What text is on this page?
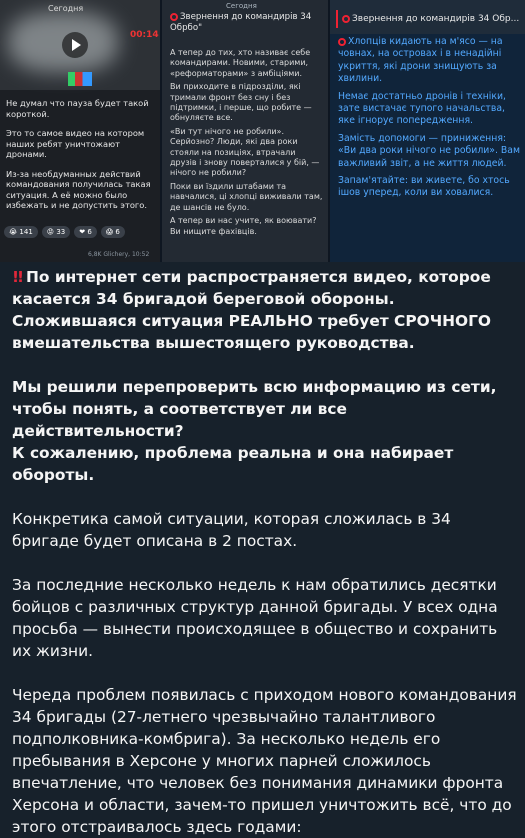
Сегодня
00:14

Не думал что пауза будет такой короткой.

Это то самое видео на котором наших ребят уничтожают дронами.

Из-за необдуманных действий командования получилась такая ситуация. А её можно было избежать и не допустить этого.

😭 141	😡 33	❤ 6	😱 6
6,8K Glichery, 10:52
Сегодня
Звернення до командирів 34 Обрбо"

А тепер до тих, хто називає себе командирами. Новими, старими, «реформаторами» з амбіціями.

Ви приходите в підрозділи, які тримали фронт без сну і без підтримки, і перше, що робите — обнуляєте все.

«Ви тут нічого не робили». Серйозно? Люди, які два роки стояли на позиціях, втрачали друзів і знову поверталися у бій, — нічого не робили?

Поки ви їздили штабами та навчалися, ці хлопці виживали там, де шансів не було.

А тепер ви нас учите, як воювати? Ви нищите фахівців.

Звернення до командирів 34 Обр...

Хлопців кидають на м'ясо — на човнах, на островах і в ненадійні укриття, які дрони знищують за хвилини.

Немає достатньо дронів і техніки, зате вистачає тупого начальства, яке ігнорує попередження.

Замість допомоги — приниження: «Ви два роки нічого не робили». Вам важливий звіт, а не життя людей.

Запам'ятайте: ви живете, бо хтось ішов уперед, коли ви ховалися.

!! По интернет сети распространяется видео, которое касается 34 бригадой береговой обороны. Сложившаяся ситуация РЕАЛЬНО требует СРОЧНОГО вмешательства вышестоящего руководства.

Мы решили перепроверить всю информацию из сети, чтобы понять, а соответствует ли все действительности?
К сожалению, проблема реальна и она набирает обороты.

Конкретика самой ситуации, которая сложилась в 34 бригаде будет описана в 2 постах.

За последние несколько недель к нам обратились десятки бойцов с различных структур данной бригады. У всех одна просьба — вынести происходящее в общество и сохранить их жизни.

Череда проблем появилась с приходом нового командования 34 бригады (27-летнего чрезвычайно талантливого подполковника-комбрига). За несколько недель его пребывания в Херсоне у многих парней сложилось впечатление, что человек без понимания динамики фронта Херсона и области, зачем-то пришел уничтожить всё, что до этого отстраивалось здесь годами:
